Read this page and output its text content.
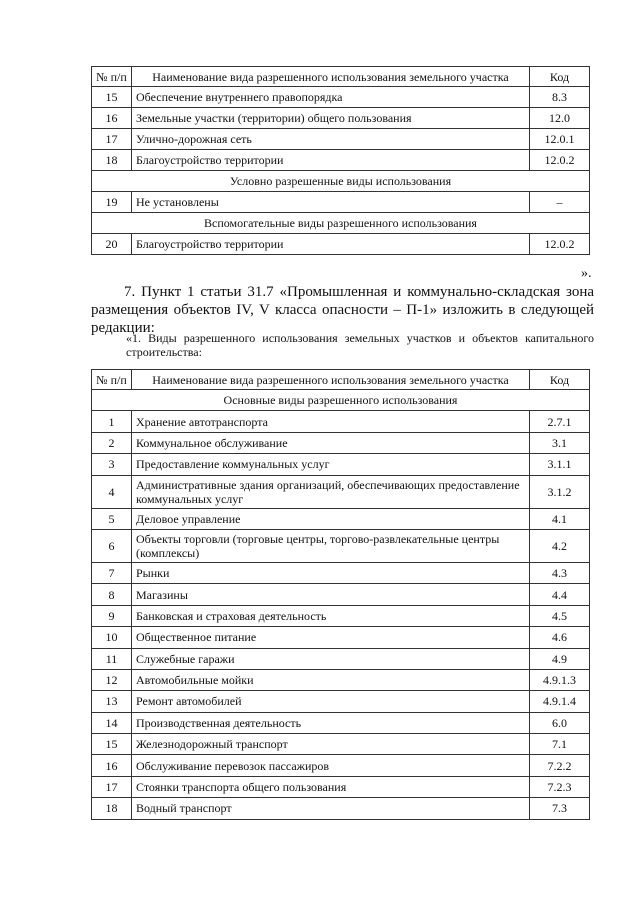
№ п/п	Наименование вида разрешенного использования земельного участка	Код
15	Обеспечение внутреннего правопорядка	8.3
16	Земельные участки (территории) общего пользования	12.0
17	Улично-дорожная сеть	12.0.1
18	Благоустройство территории	12.0.2
Условно разрешенные виды использования		
19	Не установлены	–
Вспомогательные виды разрешенного использования		
20	Благоустройство территории	12.0.2
».
7. Пункт 1 статьи 31.7 «Промышленная и коммунально-складская зона размещения объектов IV, V класса опасности – П-1» изложить в следующей редакции:
«1. Виды разрешенного использования земельных участков и объектов капитального строительства:
№ п/п	Наименование вида разрешенного использования земельного участка	Код
Основные виды разрешенного использования		
1	Хранение автотранспорта	2.7.1
2	Коммунальное обслуживание	3.1
3	Предоставление коммунальных услуг	3.1.1
4	Административные здания организаций, обеспечивающих предоставление коммунальных услуг	3.1.2
5	Деловое управление	4.1
6	Объекты торговли (торговые центры, торгово-развлекательные центры (комплексы)	4.2
7	Рынки	4.3
8	Магазины	4.4
9	Банковская и страховая деятельность	4.5
10	Общественное питание	4.6
11	Служебные гаражи	4.9
12	Автомобильные мойки	4.9.1.3
13	Ремонт автомобилей	4.9.1.4
14	Производственная деятельность	6.0
15	Железнодорожный транспорт	7.1
16	Обслуживание перевозок пассажиров	7.2.2
17	Стоянки транспорта общего пользования	7.2.3
18	Водный транспорт	7.3
